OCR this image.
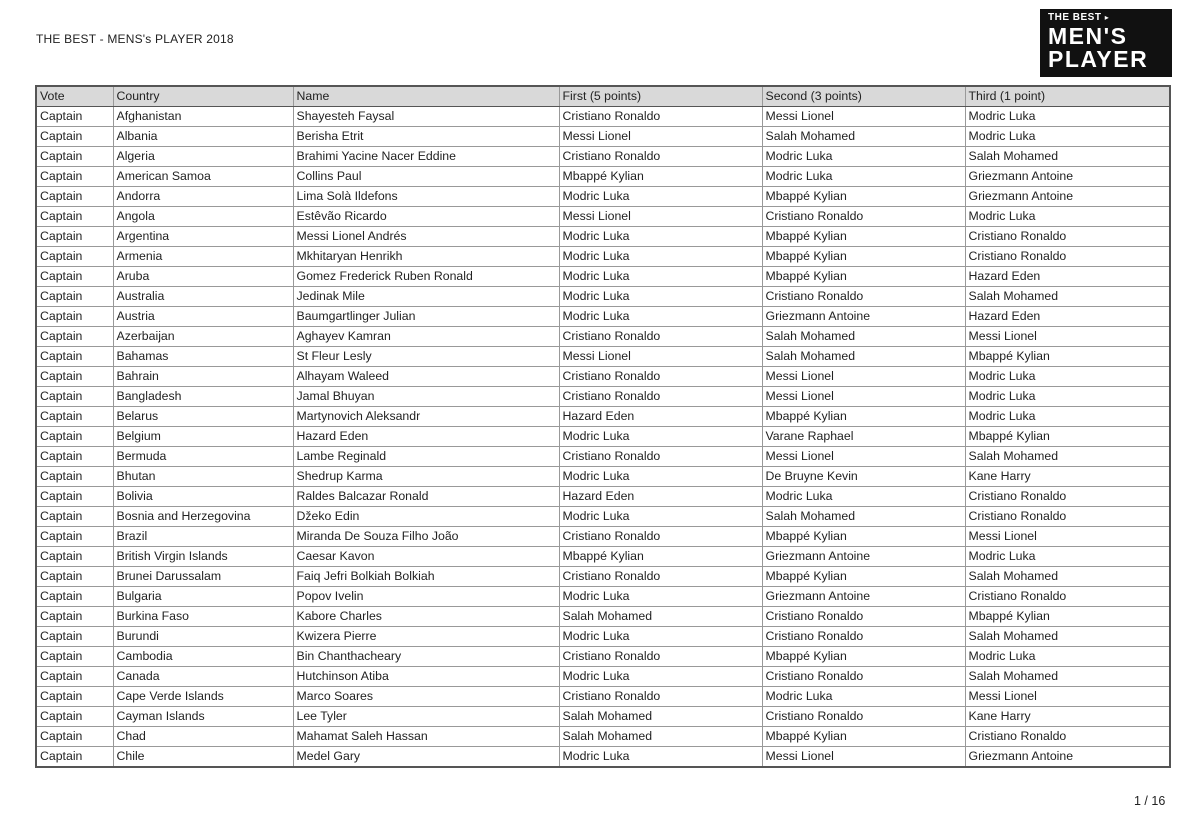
THE BEST - MENS's PLAYER 2018
THE BEST ▸
MEN'S
PLAYER
Vote	Country	Name	First (5 points)	Second (3 points)	Third (1 point)
Captain	Afghanistan	Shayesteh Faysal	Cristiano Ronaldo	Messi Lionel	Modric Luka
Captain	Albania	Berisha Etrit	Messi Lionel	Salah Mohamed	Modric Luka
Captain	Algeria	Brahimi Yacine Nacer Eddine	Cristiano Ronaldo	Modric Luka	Salah Mohamed
Captain	American Samoa	Collins Paul	Mbappé Kylian	Modric Luka	Griezmann Antoine
Captain	Andorra	Lima Solà Ildefons	Modric Luka	Mbappé Kylian	Griezmann Antoine
Captain	Angola	Estêvão Ricardo	Messi Lionel	Cristiano Ronaldo	Modric Luka
Captain	Argentina	Messi Lionel Andrés	Modric Luka	Mbappé Kylian	Cristiano Ronaldo
Captain	Armenia	Mkhitaryan Henrikh	Modric Luka	Mbappé Kylian	Cristiano Ronaldo
Captain	Aruba	Gomez Frederick Ruben Ronald	Modric Luka	Mbappé Kylian	Hazard Eden
Captain	Australia	Jedinak Mile	Modric Luka	Cristiano Ronaldo	Salah Mohamed
Captain	Austria	Baumgartlinger Julian	Modric Luka	Griezmann Antoine	Hazard Eden
Captain	Azerbaijan	Aghayev Kamran	Cristiano Ronaldo	Salah Mohamed	Messi Lionel
Captain	Bahamas	St Fleur Lesly	Messi Lionel	Salah Mohamed	Mbappé Kylian
Captain	Bahrain	Alhayam Waleed	Cristiano Ronaldo	Messi Lionel	Modric Luka
Captain	Bangladesh	Jamal Bhuyan	Cristiano Ronaldo	Messi Lionel	Modric Luka
Captain	Belarus	Martynovich Aleksandr	Hazard Eden	Mbappé Kylian	Modric Luka
Captain	Belgium	Hazard Eden	Modric Luka	Varane Raphael	Mbappé Kylian
Captain	Bermuda	Lambe Reginald	Cristiano Ronaldo	Messi Lionel	Salah Mohamed
Captain	Bhutan	Shedrup Karma	Modric Luka	De Bruyne Kevin	Kane Harry
Captain	Bolivia	Raldes Balcazar Ronald	Hazard Eden	Modric Luka	Cristiano Ronaldo
Captain	Bosnia and Herzegovina	Džeko Edin	Modric Luka	Salah Mohamed	Cristiano Ronaldo
Captain	Brazil	Miranda De Souza Filho João	Cristiano Ronaldo	Mbappé Kylian	Messi Lionel
Captain	British Virgin Islands	Caesar Kavon	Mbappé Kylian	Griezmann Antoine	Modric Luka
Captain	Brunei Darussalam	Faiq Jefri Bolkiah Bolkiah	Cristiano Ronaldo	Mbappé Kylian	Salah Mohamed
Captain	Bulgaria	Popov Ivelin	Modric Luka	Griezmann Antoine	Cristiano Ronaldo
Captain	Burkina Faso	Kabore Charles	Salah Mohamed	Cristiano Ronaldo	Mbappé Kylian
Captain	Burundi	Kwizera Pierre	Modric Luka	Cristiano Ronaldo	Salah Mohamed
Captain	Cambodia	Bin Chanthacheary	Cristiano Ronaldo	Mbappé Kylian	Modric Luka
Captain	Canada	Hutchinson Atiba	Modric Luka	Cristiano Ronaldo	Salah Mohamed
Captain	Cape Verde Islands	Marco Soares	Cristiano Ronaldo	Modric Luka	Messi Lionel
Captain	Cayman Islands	Lee Tyler	Salah Mohamed	Cristiano Ronaldo	Kane Harry
Captain	Chad	Mahamat Saleh Hassan	Salah Mohamed	Mbappé Kylian	Cristiano Ronaldo
Captain	Chile	Medel Gary	Modric Luka	Messi Lionel	Griezmann Antoine
1 / 16
